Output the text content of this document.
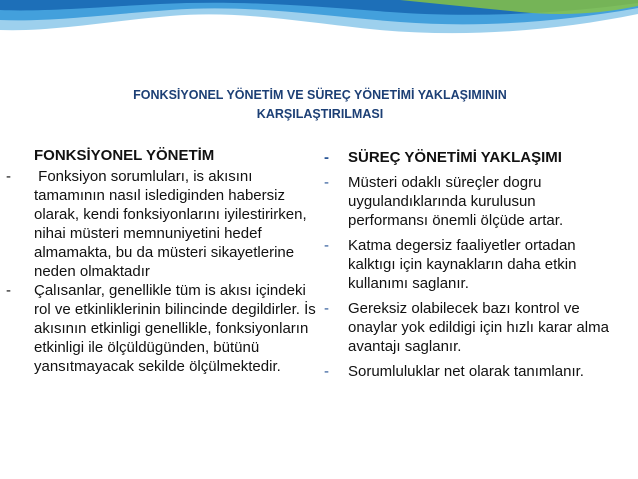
FONKSİYONEL YÖNETİM VE SÜREÇ YÖNETİMİ YAKLAŞIMININ
KARŞILAŞTIRILMASI
FONKSİYONEL YÖNETİM
- Fonksiyon sorumluları, is akısını tamamının nasıl islediginden habersiz olarak, kendi fonksiyonlarını iyilestirirken, nihai müsteri memnuniyetini hedef almamakta, bu da müsteri sikayetlerine neden olmaktadır
- Çalısanlar, genellikle tüm is akısı içindeki rol ve etkinliklerinin bilincinde degildirler. İs akısının etkinligi genellikle, fonksiyonların etkinligi ile ölçüldügünden, bütünü yansıtmayacak sekilde ölçülmektedir.
- SÜREÇ YÖNETİMİ YAKLAŞIMI
- Müsteri odaklı süreçler dogru uygulandıklarında kurulusun performansı önemli ölçüde artar.
- Katma degersiz faaliyetler ortadan kalktıgı için kaynakların daha etkin kullanımı saglanır.
- Gereksiz olabilecek bazı kontrol ve onaylar yok edildigi için hızlı karar alma avantajı saglanır.
- Sorumluluklar net olarak tanımlanır.
